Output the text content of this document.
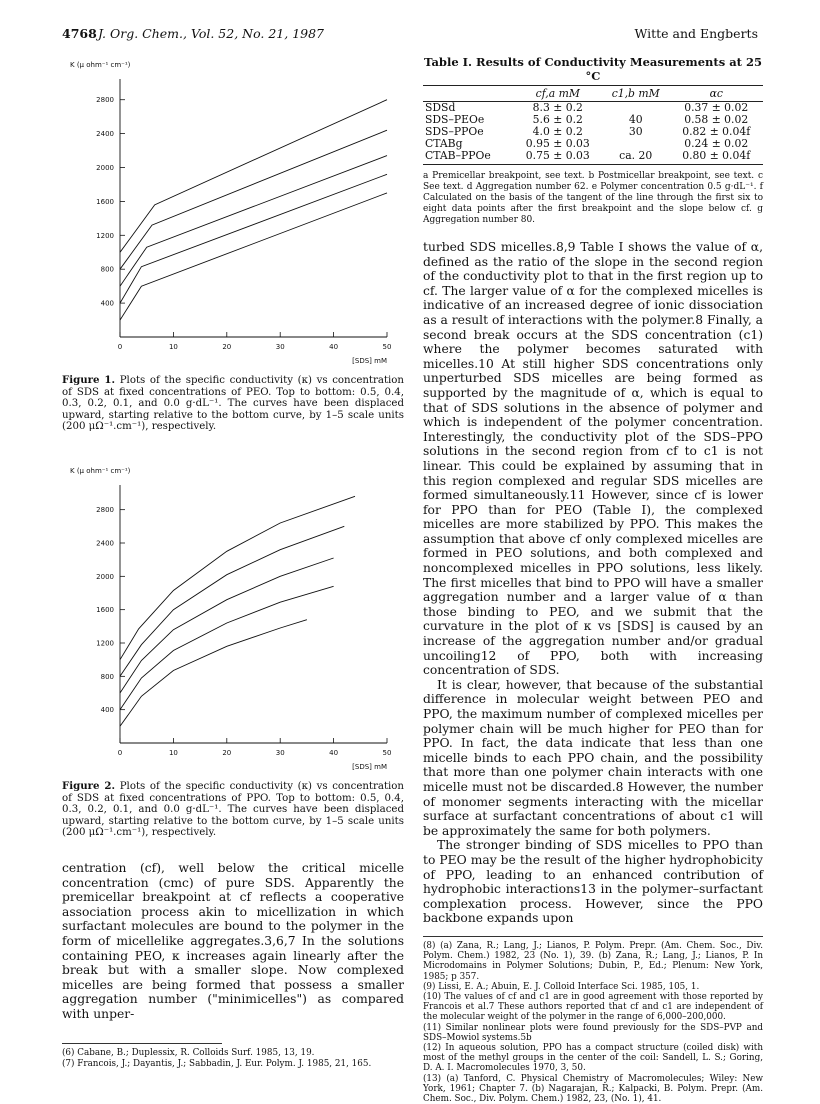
4768 J. Org. Chem., Vol. 52, No. 21, 1987	Witte and Engberts
K (μ ohm⁻¹ cm⁻¹)
400
800
1200
1600
2000
2400
2800
0	10	20	30	40	50
[SDS] mM

Figure 1. Plots of the specific conductivity (κ) vs concentration of SDS at fixed concentrations of PEO. Top to bottom: 0.5, 0.4, 0.3, 0.2, 0.1, and 0.0 g·dL⁻¹. The curves have been displaced upward, starting relative to the bottom curve, by 1–5 scale units (200 μΩ⁻¹.cm⁻¹), respectively.

K (μ ohm⁻¹ cm⁻¹)
400
800
1200
1600
2000
2400
2800
0	10	20	30	40	50
[SDS] mM

Figure 2. Plots of the specific conductivity (κ) vs concentration of SDS at fixed concentrations of PPO. Top to bottom: 0.5, 0.4, 0.3, 0.2, 0.1, and 0.0 g·dL⁻¹. The curves have been displaced upward, starting relative to the bottom curve, by 1–5 scale units (200 μΩ⁻¹.cm⁻¹), respectively.

centration (cf), well below the critical micelle concentration (cmc) of pure SDS. Apparently the premicellar breakpoint at cf reflects a cooperative association process akin to micellization in which surfactant molecules are bound to the polymer in the form of micellelike aggregates.3,6,7 In the solutions containing PEO, κ increases again linearly after the break but with a smaller slope. Now complexed micelles are being formed that possess a smaller aggregation number ("minimicelles") as compared with unper-

(6) Cabane, B.; Duplessix, R. Colloids Surf. 1985, 13, 19.
(7) Francois, J.; Dayantis, J.; Sabbadin, J. Eur. Polym. J. 1985, 21, 165.
Table I. Results of Conductivity Measurements at 25 °C
	cf,a mM	c1,b mM	αc
SDSd	8.3 ± 0.2		0.37 ± 0.02
SDS–PEOe	5.6 ± 0.2	40	0.58 ± 0.02
SDS–PPOe	4.0 ± 0.2	30	0.82 ± 0.04f
CTABg	0.95 ± 0.03		0.24 ± 0.02
CTAB–PPOe	0.75 ± 0.03	ca. 20	0.80 ± 0.04f
a Premicellar breakpoint, see text. b Postmicellar breakpoint, see text. c See text. d Aggregation number 62. e Polymer concentration 0.5 g·dL⁻¹. f Calculated on the basis of the tangent of the line through the first six to eight data points after the first breakpoint and the slope below cf. g Aggregation number 80.

turbed SDS micelles.8,9 Table I shows the value of α, defined as the ratio of the slope in the second region of the conductivity plot to that in the first region up to cf. The larger value of α for the complexed micelles is indicative of an increased degree of ionic dissociation as a result of interactions with the polymer.8 Finally, a second break occurs at the SDS concentration (c1) where the polymer becomes saturated with micelles.10 At still higher SDS concentrations only unperturbed SDS micelles are being formed as supported by the magnitude of α, which is equal to that of SDS solutions in the absence of polymer and which is independent of the polymer concentration. Interestingly, the conductivity plot of the SDS–PPO solutions in the second region from cf to c1 is not linear. This could be explained by assuming that in this region complexed and regular SDS micelles are formed simultaneously.11 However, since cf is lower for PPO than for PEO (Table I), the complexed micelles are more stabilized by PPO. This makes the assumption that above cf only complexed micelles are formed in PEO solutions, and both complexed and noncomplexed micelles in PPO solutions, less likely. The first micelles that bind to PPO will have a smaller aggregation number and a larger value of α than those binding to PEO, and we submit that the curvature in the plot of κ vs [SDS] is caused by an increase of the aggregation number and/or gradual uncoiling12 of PPO, both with increasing concentration of SDS.

It is clear, however, that because of the substantial difference in molecular weight between PEO and PPO, the maximum number of complexed micelles per polymer chain will be much higher for PEO than for PPO. In fact, the data indicate that less than one micelle binds to each PPO chain, and the possibility that more than one polymer chain interacts with one micelle must not be discarded.8 However, the number of monomer segments interacting with the micellar surface at surfactant concentrations of about c1 will be approximately the same for both polymers.

The stronger binding of SDS micelles to PPO than to PEO may be the result of the higher hydrophobicity of PPO, leading to an enhanced contribution of hydrophobic interactions13 in the polymer–surfactant complexation process. However, since the PPO backbone expands upon

(8) (a) Zana, R.; Lang, J.; Lianos, P. Polym. Prepr. (Am. Chem. Soc., Div. Polym. Chem.) 1982, 23 (No. 1), 39. (b) Zana, R.; Lang, J.; Lianos, P. In Microdomains in Polymer Solutions; Dubin, P., Ed.; Plenum: New York, 1985; p 357.
(9) Lissi, E. A.; Abuin, E. J. Colloid Interface Sci. 1985, 105, 1.
(10) The values of cf and c1 are in good agreement with those reported by Francois et al.7 These authors reported that cf and c1 are independent of the molecular weight of the polymer in the range of 6,000–200,000.
(11) Similar nonlinear plots were found previously for the SDS–PVP and SDS–Mowiol systems.5b
(12) In aqueous solution, PPO has a compact structure (coiled disk) with most of the methyl groups in the center of the coil: Sandell, L. S.; Goring, D. A. I. Macromolecules 1970, 3, 50.
(13) (a) Tanford, C. Physical Chemistry of Macromolecules; Wiley: New York, 1961; Chapter 7. (b) Nagarajan, R.; Kalpacki, B. Polym. Prepr. (Am. Chem. Soc., Div. Polym. Chem.) 1982, 23, (No. 1), 41.
